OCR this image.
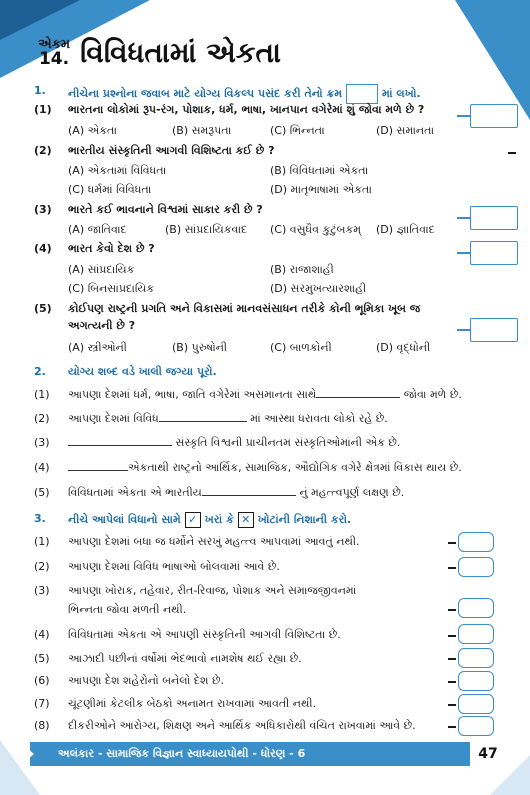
એકમ
14. વિવિધતામાં એકતા
1. નીચેના પ્રશ્નોના જવાબ માટે યોગ્ય વિકલ્પ પસંદ કરી તેનો ક્રમ	માં લખો.
(1) ભારતના લોકોમાં રૂપ-રંગ, પોશાક, ધર્મ, ભાષા, ખાનપાન વગેરેમાં શું જોવા મળે છે ?
(A) એકતા	(B) સમરૂપતા	(C) ભિન્નતા	(D) સમાનતા
(2) ભારતીય સંસ્કૃતિની આગવી વિશિષ્ટતા કઈ છે ?
(A) એકતામાં વિવિધતા	(B) વિવિધતામાં એકતા
(C) ધર્મમાં વિવિધતા	(D) માતૃભાષામાં એકતા
(3) ભારતે કઈ ભાવનાને વિશ્વમાં સાકાર કરી છે ?
(A) જાતિવાદ	(B) સાંપ્રદાયિકવાદ (C) વસુધૈવ કુટુંબકમ્ (D) જ્ઞાતિવાદ
(4) ભારત કેવો દેશ છે ?
(A) સાંપ્રદાયિક	(B) રાજાશાહી
(C) બિનસાંપ્રદાયિક	(D) સરમુખત્યારશાહી
(5) કોઈપણ રાષ્ટ્રની પ્રગતિ અને વિકાસમાં માનવસંસાધન તરીકે કોની ભૂમિકા ખૂબ જ
અગત્યની છે ?
(A) સ્ત્રીઓની	(B) પુરુષોની	(C) બાળકોની	(D) વૃદ્ધોની
2. યોગ્ય શબ્દ વડે ખાલી જગ્યા પૂરો.
(1) આપણા દેશમાં ધર્મ, ભાષા, જાતિ વગેરેમાં અસમાનતા સાથે	જોવા મળે છે.
(2) આપણા દેશમાં વિવિધ	માં આસ્થા ધરાવતા લોકો રહે છે.
(3)	સંસ્કૃતિ વિશ્વની પ્રાચીનતમ સંસ્કૃતિઓમાંની એક છે.
(4)	એકતાથી રાષ્ટ્રનો આર્થિક, સામાજિક, ઔદ્યોગિક વગેરે ક્ષેત્રમાં વિકાસ થાય છે.
(5) વિવિધતામાં એકતા એ ભારતીય	નું મહત્ત્વપૂર્ણ લક્ષણ છે.
3. નીચે આપેલાં વિધાનો સામે ✓ ખરાં કે ✕ ખોટાંની નિશાની કરો.
(1) આપણા દેશમાં બધા જ ધર્મોને સરખું મહત્ત્વ આપવામાં આવતું નથી.
(2) આપણા દેશમાં વિવિધ ભાષાઓ બોલવામાં આવે છે.
(3) આપણા ખોરાક, તહેવાર, રીત-રિવાજ, પોશાક અને સમાજજીવનમાં
ભિન્નતા જોવા મળતી નથી.
(4) વિવિધતામાં એકતા એ આપણી સંસ્કૃતિની આગવી વિશિષ્ટતા છે.
(5) આઝાદી પછીનાં વર્ષોમાં ભેદભાવો નામશેષ થઈ રહ્યા છે.
(6) આપણા દેશ શહેરોનો બનેલો દેશ છે.
(7) ચૂંટણીમાં કેટલીક બેઠકો અનામત રાખવામાં આવતી નથી.
(8) દીકરીઓને આરોગ્ય, શિક્ષણ અને આર્થિક અધિકારોથી વંચિત રાખવામાં આવે છે.
અલંકાર - સામાજિક વિજ્ઞાન સ્વાધ્યાયપોથી - ધોરણ - 6	47
